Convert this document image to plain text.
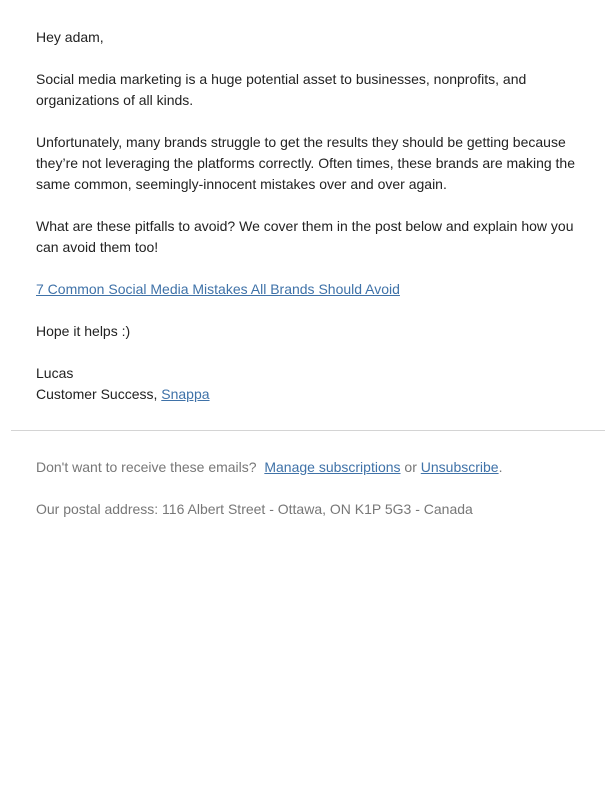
Hey adam,

Social media marketing is a huge potential asset to businesses, nonprofits, and organizations of all kinds.

Unfortunately, many brands struggle to get the results they should be getting because they’re not leveraging the platforms correctly. Often times, these brands are making the same common, seemingly-innocent mistakes over and over again.

What are these pitfalls to avoid? We cover them in the post below and explain how you can avoid them too!

7 Common Social Media Mistakes All Brands Should Avoid

Hope it helps :)

Lucas
Customer Success, Snappa

Don't want to receive these emails? Manage subscriptions or Unsubscribe.

Our postal address: 116 Albert Street - Ottawa, ON K1P 5G3 - Canada
